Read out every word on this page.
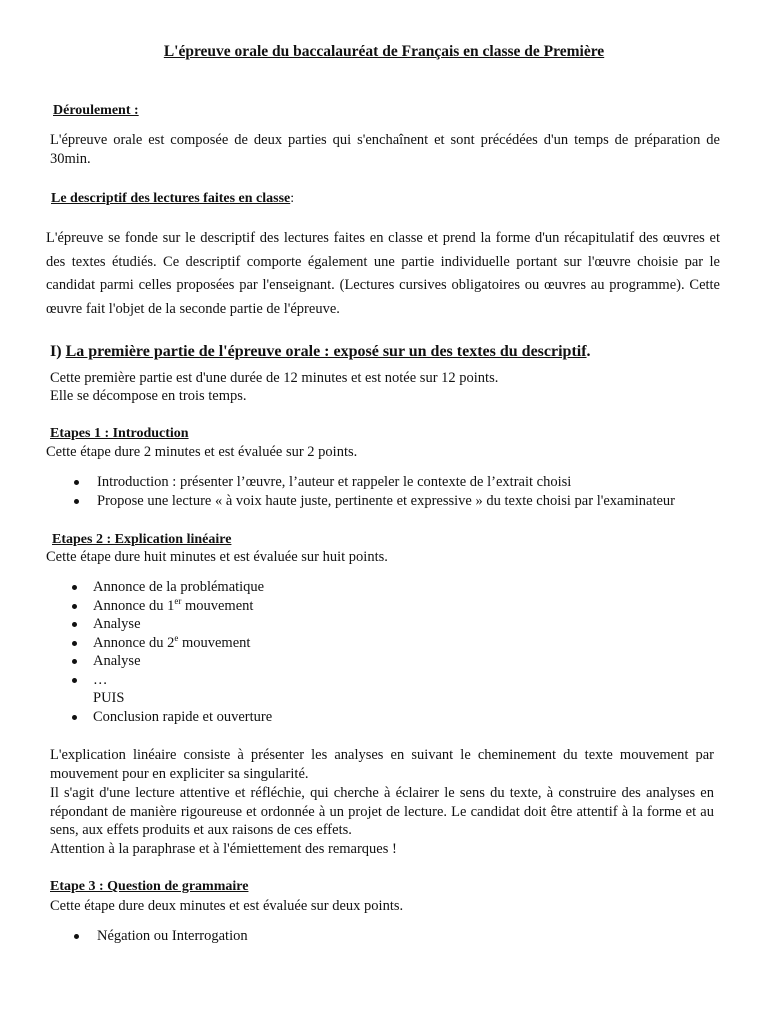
L'épreuve orale du baccalauréat de Français en classe de Première
Déroulement :
L'épreuve orale est composée de deux parties qui s'enchaînent et sont précédées d'un temps de préparation de 30min.
Le descriptif des lectures faites en classe:
L'épreuve se fonde sur le descriptif des lectures faites en classe et prend la forme d'un récapitulatif des œuvres et des textes étudiés. Ce descriptif comporte également une partie individuelle portant sur l'œuvre choisie par le candidat parmi celles proposées par l'enseignant. (Lectures cursives obligatoires ou œuvres au programme). Cette œuvre fait l'objet de la seconde partie de l'épreuve.
I) La première partie de l'épreuve orale : exposé sur un des textes du descriptif.
Cette première partie est d'une durée de 12 minutes et est notée sur 12 points.
Elle se décompose en trois temps.
Etapes 1 : Introduction
Cette étape dure 2 minutes et est évaluée sur 2 points.
Introduction : présenter l’œuvre, l’auteur et rappeler le contexte de l’extrait choisi
Propose une lecture « à voix haute juste, pertinente et expressive » du texte choisi par l'examinateur
Etapes 2 : Explication linéaire
Cette étape dure huit minutes et est évaluée sur huit points.
Annonce de la problématique
Annonce du 1er mouvement
Analyse
Annonce du 2e mouvement
Analyse
…
PUIS
Conclusion rapide et ouverture
L'explication linéaire consiste à présenter les analyses en suivant le cheminement du texte mouvement par mouvement pour en expliciter sa singularité.
Il s'agit d'une lecture attentive et réfléchie, qui cherche à éclairer le sens du texte, à construire des analyses en répondant de manière rigoureuse et ordonnée à un projet de lecture. Le candidat doit être attentif à la forme et au sens, aux effets produits et aux raisons de ces effets.
Attention à la paraphrase et à l'émiettement des remarques !
Etape 3 : Question de grammaire
Cette étape dure deux minutes et est évaluée sur deux points.
Négation ou Interrogation
